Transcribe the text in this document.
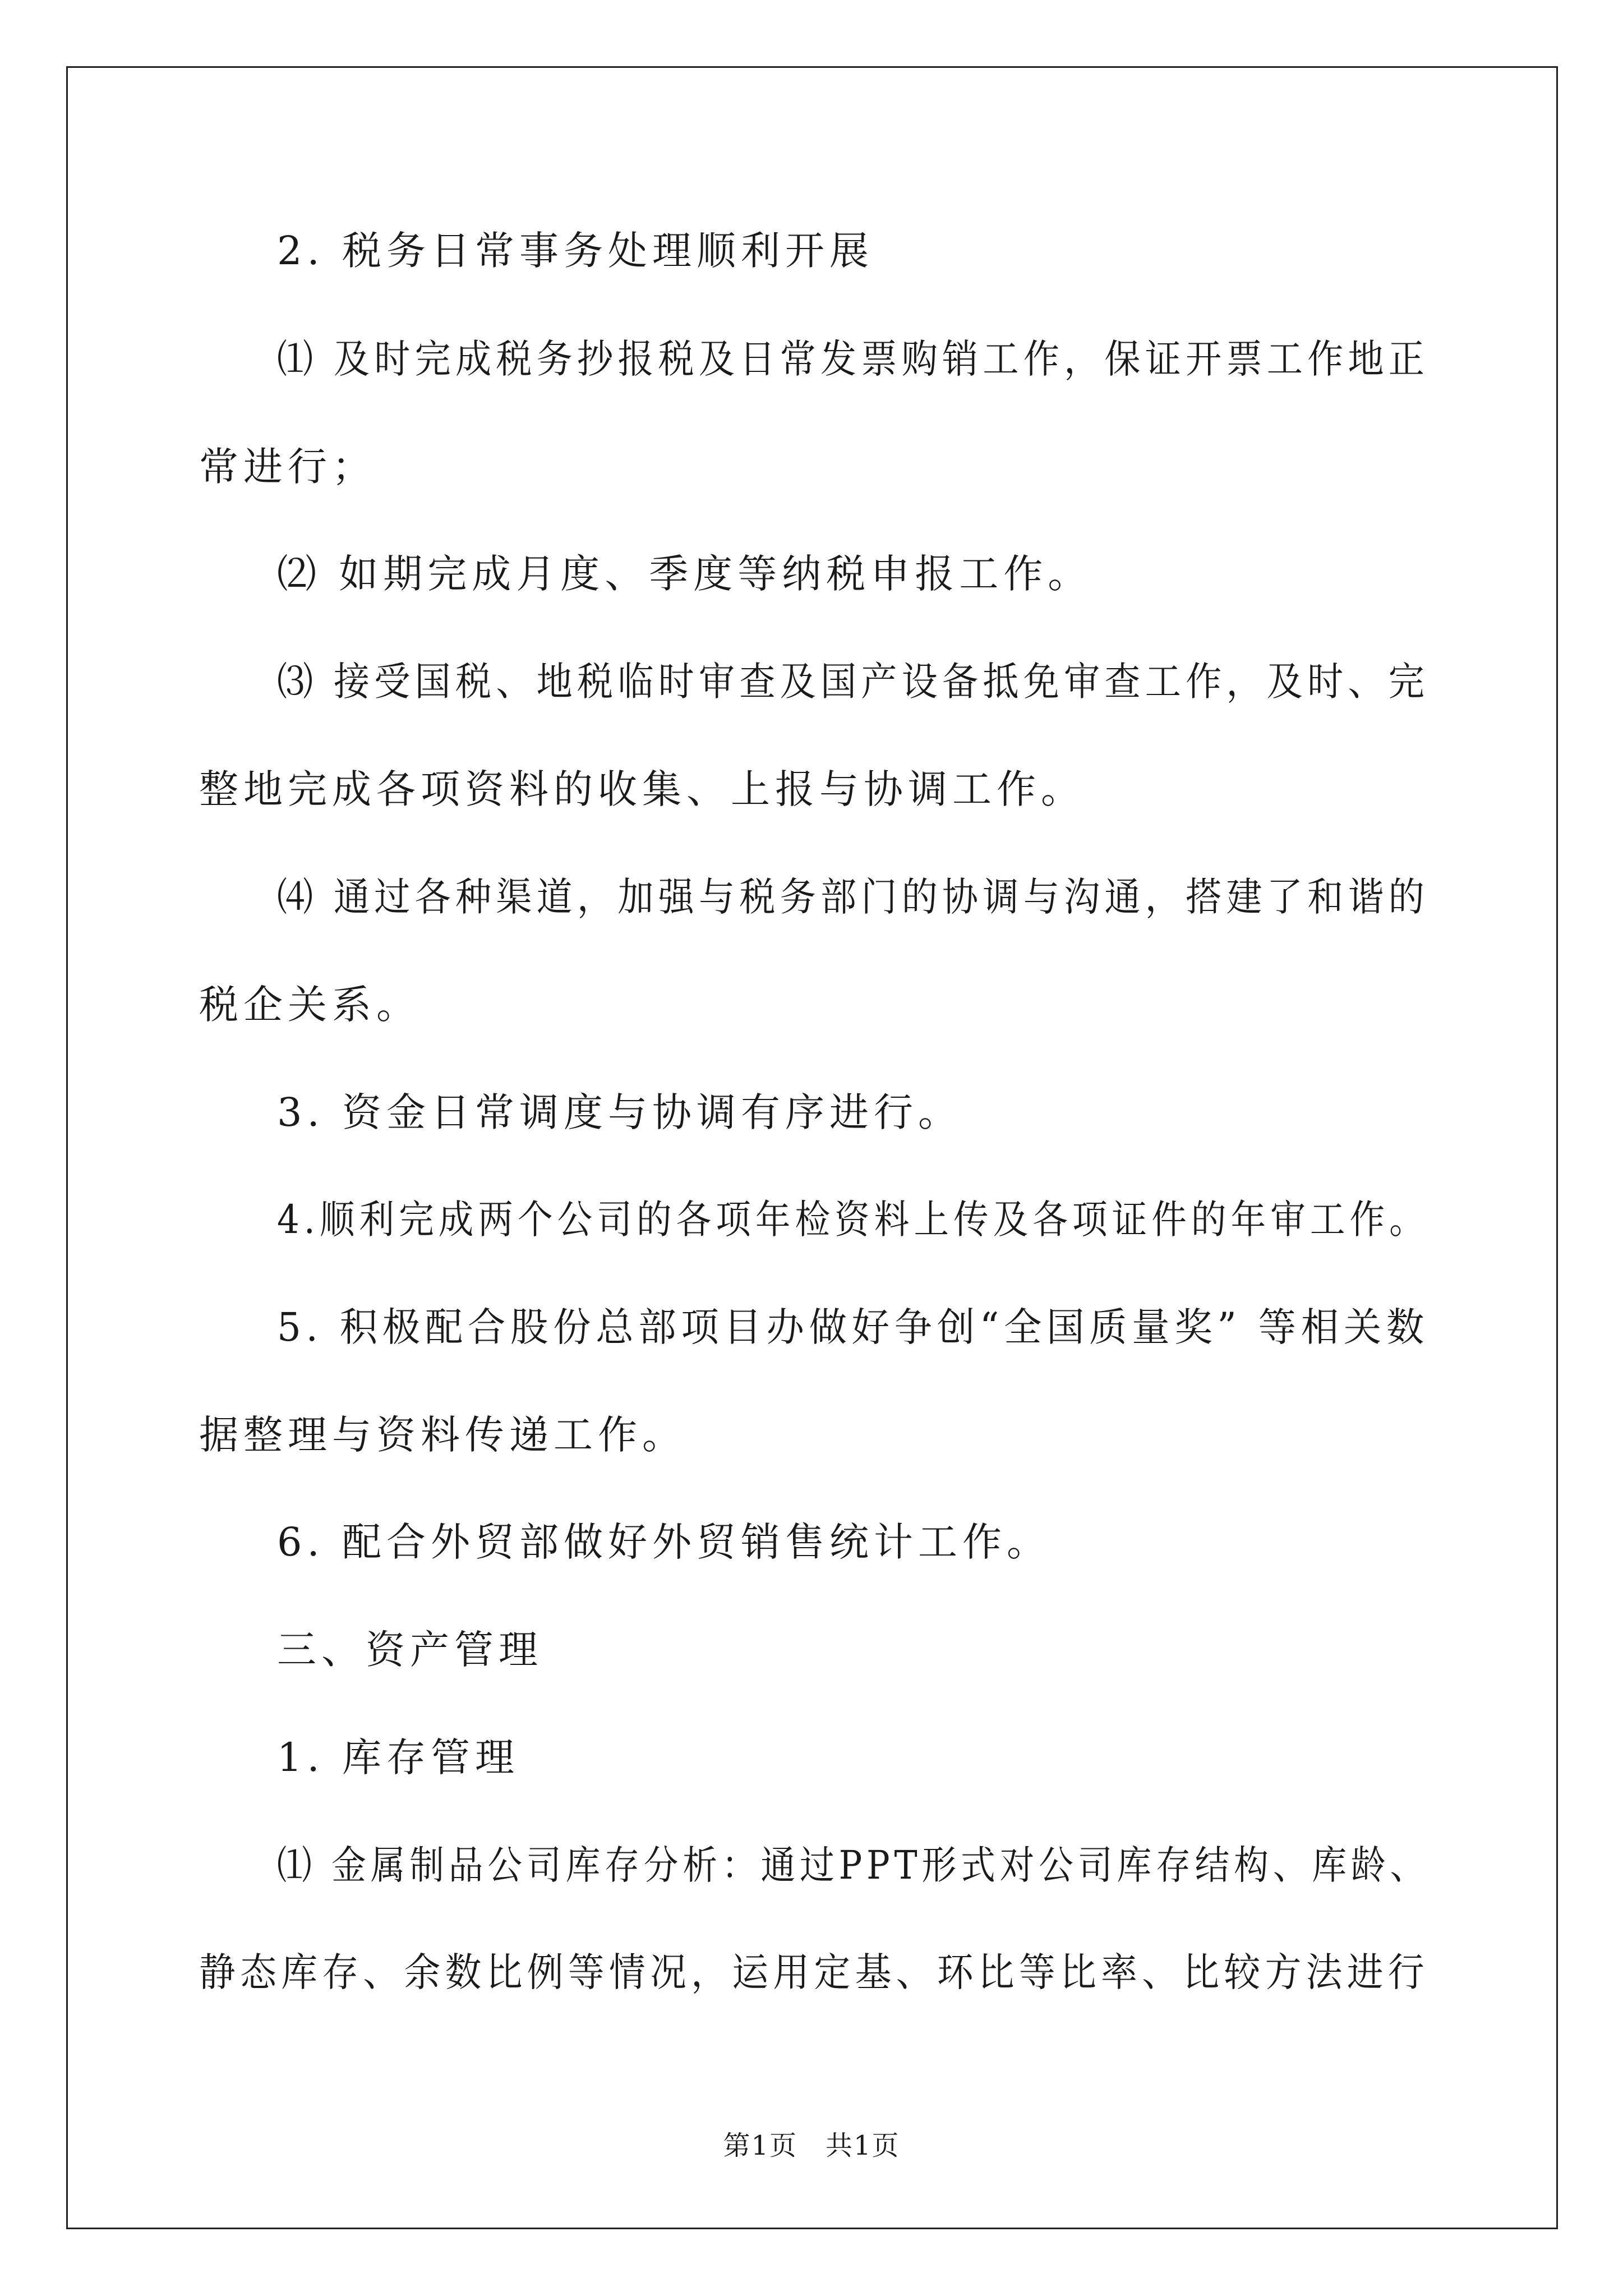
2. 税务日常事务处理顺利开展
⑴ 及时完成税务抄报税及日常发票购销工作，保证开票工作地正
常进行；
⑵ 如期完成月度、季度等纳税申报工作。
⑶ 接受国税、地税临时审查及国产设备抵免审查工作，及时、完
整地完成各项资料的收集、上报与协调工作。
⑷ 通过各种渠道，加强与税务部门的协调与沟通，搭建了和谐的
税企关系。
3. 资金日常调度与协调有序进行。
4.顺利完成两个公司的各项年检资料上传及各项证件的年审工作。
5. 积极配合股份总部项目办做好争创“全国质量奖” 等相关数
据整理与资料传递工作。
6. 配合外贸部做好外贸销售统计工作。
三、资产管理
1. 库存管理
⑴ 金属制品公司库存分析：通过PPT形式对公司库存结构、库龄、
静态库存、余数比例等情况，运用定基、环比等比率、比较方法进行
第1页　共1页
